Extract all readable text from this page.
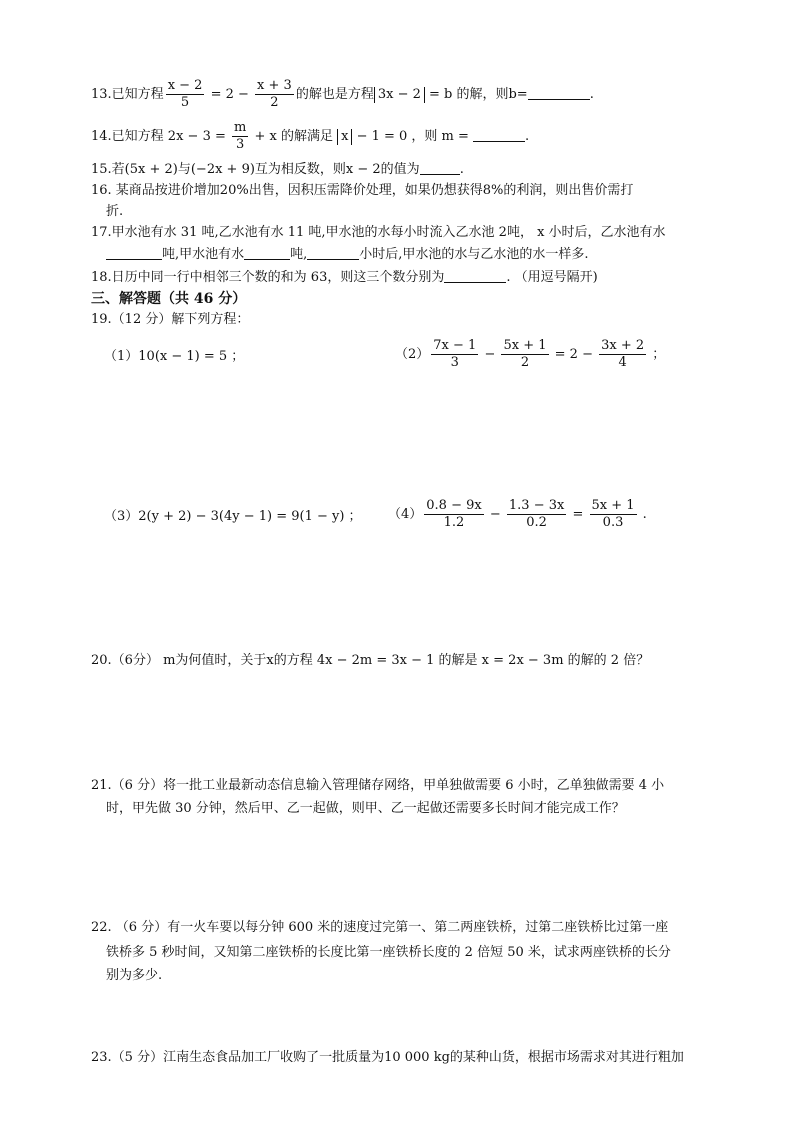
13.已知方程 $\frac{x - 2}{5} = 2 - \frac{x + 3}{2}$ 的解也是方程 3x − 2 = b 的解，则b=	.
14.已知方程 $2x - 3 = \frac{m}{3} + x$ 的解满足 x − 1 = 0 ，则 m =	.
15.若(5x + 2)与(−2x + 9)互为相反数，则x − 2的值为	.
16. 某商品按进价增加20%出售，因积压需降价处理，如果仍想获得8%的利润，则出售价需打
折.
17.甲水池有水 31 吨,乙水池有水 11 吨,甲水池的水每小时流入乙水池 2吨， x 小时后，乙水池有水
吨,甲水池有水	吨,	小时后,甲水池的水与乙水池的水一样多.
18.日历中同一行中相邻三个数的和为 63，则这三个数分别为	. （用逗号隔开)
三、解答题（共 46 分）
19.（12 分）解下列方程：
（1）10(x − 1) = 5 ；	$(2) \frac{7x - 1}{3} - \frac{5x + 1}{2} = 2 - \frac{3x + 2}{4}$ ；
（3）2(y + 2) − 3(4y − 1) = 9(1 − y) ； $(4) \frac{0.8 - 9x}{1.2} - \frac{1.3 - 3x}{0.2} = \frac{5x + 1}{0.3}$ .
20.（6分） m为何值时，关于x的方程 4x − 2m = 3x − 1 的解是 x = 2x − 3m 的解的 2 倍？
21.（6 分）将一批工业最新动态信息输入管理储存网络，甲单独做需要 6 小时，乙单独做需要 4 小
时，甲先做 30 分钟，然后甲、乙一起做，则甲、乙一起做还需要多长时间才能完成工作？
22. （6 分）有一火车要以每分钟 600 米的速度过完第一、第二两座铁桥，过第二座铁桥比过第一座
铁桥多 5 秒时间，又知第二座铁桥的长度比第一座铁桥长度的 2 倍短 50 米，试求两座铁桥的长分
别为多少.
23.（5 分）江南生态食品加工厂收购了一批质量为10 000 kg的某种山货，根据市场需求对其进行粗加
